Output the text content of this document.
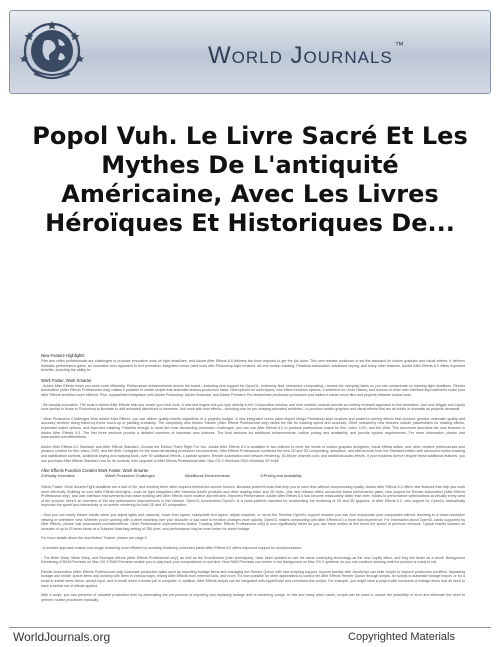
World Journals ™
Popol Vuh. Le Livre Sacré Et Les Mythes De L'antiquité Américaine, Avec Les Livres Héroïques Et Historiques De...
New Feature Highlights
Film and video professionals are challenged to produce innovative work on tight deadlines, and Adobe After Effects 6.0 delivers the tools required to get the job done. This new release continues to set the standard for motion graphics and visual effects. It delivers dramatic performance gains, an innovative new approach to text animation, integrated vector paint tools with Photoshop-style brushes, all-new motion tracking, Parabola automation, advanced keying, and many other features. Adobe After Effects 6.0 offers important benefits, including the ability to:
Work Faster, Work Smarter
- Adobe After Effects helps you work more efficiently. Performance enhancements across the board—including new support for OpenGL, extremely fluid, interactive compositing—means the everyday tasks so you can concentrate on meeting tight deadlines. Render Automation (After Effects Professional only) makes it possible to create scripts that automate tedious production tasks. New options for solid layers, new effect functions options, a submenu for Undo History, and dozens of other user interface improvements make your After Effects workflow more efficient. Plus, unparalleled integration with Adobe Photoshop, Adobe Illustrator, and Adobe Premiere Pro streamlines production processes and makes it easier move files and projects between Adobe tools.
- Be visually innovative: The tools in Adobe After Effects help you create your best work. A new text engine lets you type directly in the Composition window, and new creative controls provide an entirely renewed approach to text animation. Use new Wiggle and Liquify tools similar to those in Photoshop to illustrate to add animated distortions to elements. And work with new effects—including one for pre-drawing animated scribbles—to produce motion graphics and visual effects that are as subtle or dramatic as projects demands.
- Meet Production Challenges With Adobe After Effects, you can deliver quality results regardless of a project's budget. A new integrated vector paint engine brings Photoshop-style brushes and powerful cloning effects that produce genuine cinematic quality and accuracy whether doing frame-by-frame touch-up or painting creatively. The completely new Motion Tracker (After Effects Professional only) raises the bar for tracking speed and accuracy. Other noteworthy new features include placeholders for missing effects, expanded output options, and improved masking. Powerful enough to meet the most demanding production challenges, you can use After Effects 6.0 to produce professional output for film, video, DVD, and the Web. This document describes the new features in Adobe After Effects 6.0. The first three sections provide a detailed overview of important new features. The final sections list additional enhancements, outline pricing and availability, and provide system requirements. For more information, please visit www.adobe.com/aftereffects.
Adobe After Effects 6.0 Standard and After Effects Standard: Choose the Edition That's Right For You. Adobe After Effects 6.0 is available in two editions to meet the needs of motion graphics designers, visual effects artists, and other creative professionals who produce content for film, video, DVD, and the Web. Designed for the most demanding production environments, After Effects Professional combines the new 2D and 3D compositing, animation, and effects tools from the Standard edition with advanced motion tracking and stabilization controls, additional keying and warping tools, over 90 additional effects, a particle system, Render Automation and network rendering, 16-bit per channel color, and additional audio effects. If your business doesn't require these additional features, you can purchase After Effects Standard now for its controls, then upgrade to After Effects Professional later. Mac OS X Windows 2000 Windows XP 64bit
After Effects Function Content Work Faster, Work Smarter
2Virtually Innovative	4Meet Production Challenges	9Additional Enhancements	11Pricing and Availability
2Work Faster, Work SmarterTight deadlines are a fact of life, and meeting them often requires behind-the-scenes heroics. Because powerful tools that help you to save time without compromising quality, Adobe After Effects 6.0 offers new features that help you work more efficiently. Building on core After Effects strengths—such as tight integration with essential Adobe products and other leading video and 3D tools—this new release offers across-the-board performance gains, new support for Render Automation (After Effects Professional only), and user interface improvements that make working with After Effects more intuitive and efficient. Improved Performance: Adobe After Effects 6.0 has become measurably faster than ever, thanks to performance optimizations at virtually every area of the product. Here's an overview of the key performance improvements in this release. OpenGL Acceleration OpenGL is a cross-platform standard for accelerating the rendering of 2D and 3D graphics. In After Effects 6.0, new support for OpenGL dramatically improves the speed and interactivity of on-screen rendering for both 2D and 3D composites.
- Now you can easily instant results when you adjust lights and cameras, move from layers, manipulate text layers, adjust shadows, or scrub the Timeline OpenGL support ensures you can now manipulate your composites without resorting to a lower-resolution viewing or wireframe view. Whether you're working with a client watching over your shoulder or just want to envision changes more quickly, OpenGL makes compositing with After Effects 6.0 a more fluid experience. For information about OpenGL cards supported by After Effects, please visit www.adobe.com/aftereffects. Other Performance Improvements Motion Tracking (After Effects Professional only) is now significantly faster so you can track motion at five times the speed of previous versions. Typical results showed an increase of up to 15 times faster at a Subpixel Matching setting of 256 pixel, and performance may be even better for some footage.
For more details about the new Motion Tracker, please see page 9.
- A smarter approach makes sub-image rendering more efficient by avoiding rendering unneeded pixels After Effects 6.0 offers improved support for multiprocessors.
- The Bitter Warp, Mesh Warp, and Reshape effects (After Effects Professional only), as well as the Smoothness (both techniques), have been updated to use the same underlying technology as the new Liquify effect, and they are faster as a result. Background Rendering of RAM Previews on Mac OS X RAM Previews enable you to play back your compositions in real time. Now RAM Previews can render in the background on Mac OS X systems, so you can continue working until the preview is ready to roll.
Render Automation (After Effects Professional only) Automate production tasks such as importing footage items and managing the Render Queue with new scripting support. Anyone familiar with JavaScript can write scripts to improve production workflow, bypassing footage and render queue items and working with them in various ways, driving After Effects from external tools, and more. It's now possible for other applications to control the After Effects Render Queue through scripts, for scripts to automate footage import, or for a script to install menu items, accept input, and to email when a render job is complete. In addition, After Effects scripts can be integrated with AppleScript and command-line scripts. For example, you might have a project with hundreds of footage items that all need to have a similar set of effects applied.
With a script, you can preserve of valuable production time by automating the pre-process of importing and replacing footage and re-rendering comps. In this and many other cases, scripts can be used to reduce the possibility of error and eliminate the need to perform routine processes manually.
WorldJournals.org	Copyrighted Materials
